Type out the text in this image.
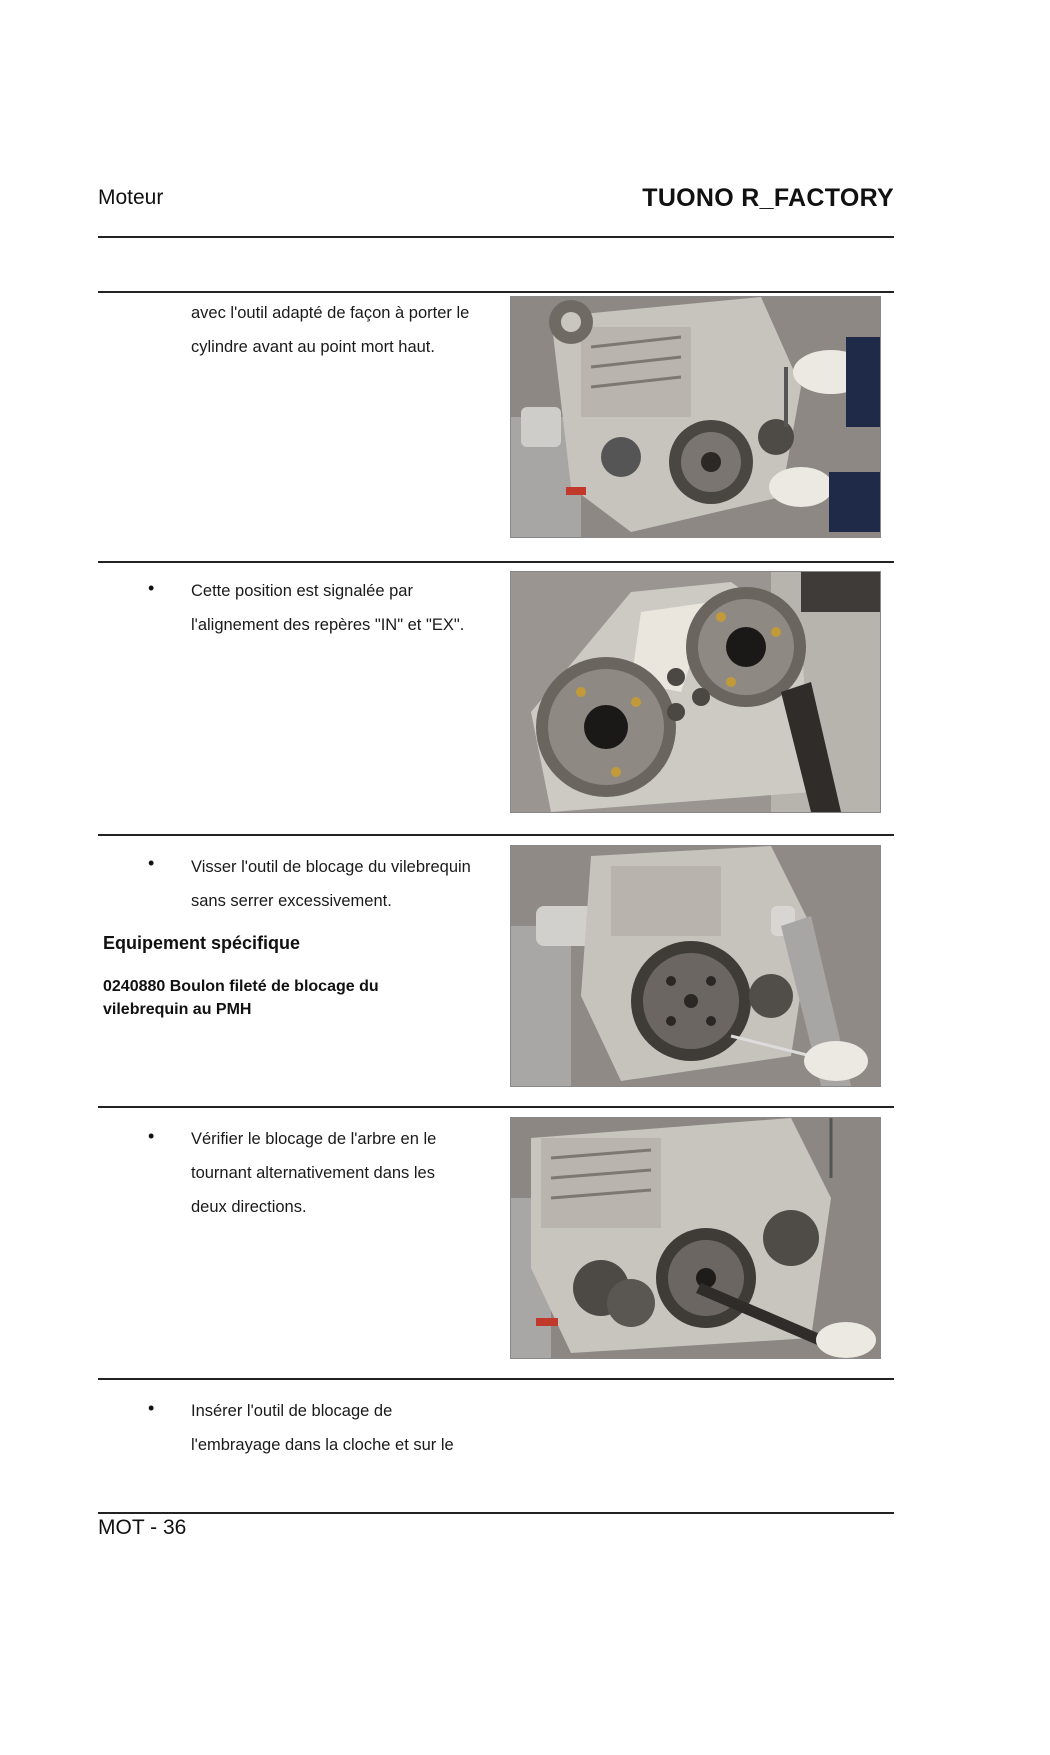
Moteur	TUONO R_FACTORY
avec l'outil adapté de façon à porter le
cylindre avant au point mort haut.
• Cette position est signalée par
l'alignement des repères "IN" et "EX".
• Visser l'outil de blocage du vilebrequin
sans serrer excessivement.
Equipement spécifique
0240880 Boulon fileté de blocage du vilebrequin au PMH
• Vérifier le blocage de l'arbre en le
tournant alternativement dans les
deux directions.
• Insérer l'outil de blocage de
l'embrayage dans la cloche et sur le
MOT - 36
